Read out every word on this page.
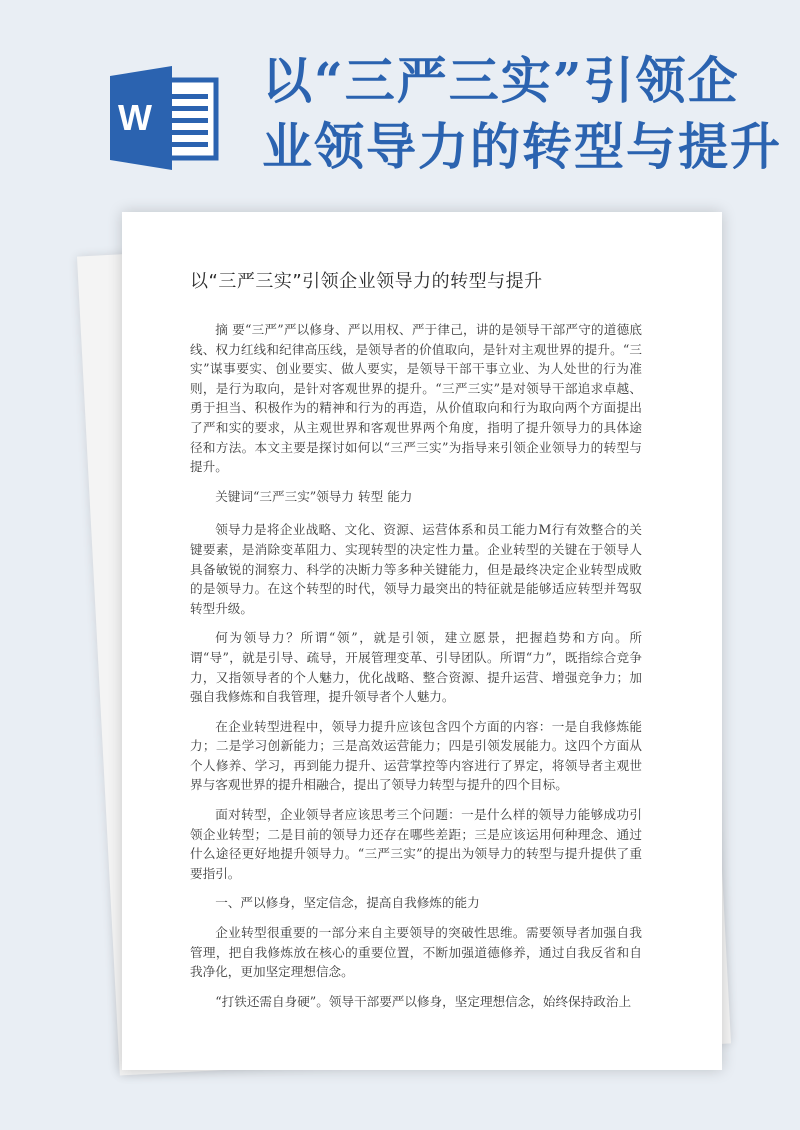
W
以“三严三实”引领企业领导力的转型与提升
以“三严三实”引领企业领导力的转型与提升

摘 要“三严”严以修身、严以用权、严于律己，讲的是领导干部严守的道德底线、权力红线和纪律高压线，是领导者的价值取向，是针对主观世界的提升。“三实”谋事要实、创业要实、做人要实，是领导干部干事立业、为人处世的行为准则，是行为取向，是针对客观世界的提升。“三严三实”是对领导干部追求卓越、勇于担当、积极作为的精神和行为的再造，从价值取向和行为取向两个方面提出了严和实的要求，从主观世界和客观世界两个角度，指明了提升领导力的具体途径和方法。本文主要是探讨如何以“三严三实”为指导来引领企业领导力的转型与提升。

关键词“三严三实”领导力 转型 能力

领导力是将企业战略、文化、资源、运营体系和员工能力M行有效整合的关键要素，是消除变革阻力、实现转型的决定性力量。企业转型的关键在于领导人具备敏锐的洞察力、科学的决断力等多种关键能力，但是最终决定企业转型成败的是领导力。在这个转型的时代，领导力最突出的特征就是能够适应转型并驾驭转型升级。

何为领导力？所谓“领”，就是引领，建立愿景，把握趋势和方向。所谓“导”，就是引导、疏导，开展管理变革、引导团队。所谓“力”，既指综合竞争力，又指领导者的个人魅力，优化战略、整合资源、提升运营、增强竞争力；加强自我修炼和自我管理，提升领导者个人魅力。

在企业转型进程中，领导力提升应该包含四个方面的内容：一是自我修炼能力；二是学习创新能力；三是高效运营能力；四是引领发展能力。这四个方面从个人修养、学习，再到能力提升、运营掌控等内容进行了界定，将领导者主观世界与客观世界的提升相融合，提出了领导力转型与提升的四个目标。

面对转型，企业领导者应该思考三个问题：一是什么样的领导力能够成功引领企业转型；二是目前的领导力还存在哪些差距；三是应该运用何种理念、通过什么途径更好地提升领导力。“三严三实”的提出为领导力的转型与提升提供了重要指引。

一、严以修身，坚定信念，提高自我修炼的能力

企业转型很重要的一部分来自主要领导的突破性思维。需要领导者加强自我管理，把自我修炼放在核心的重要位置，不断加强道德修养，通过自我反省和自我净化，更加坚定理想信念。

“打铁还需自身硬”。领导干部要严以修身，坚定理想信念，始终保持政治上
